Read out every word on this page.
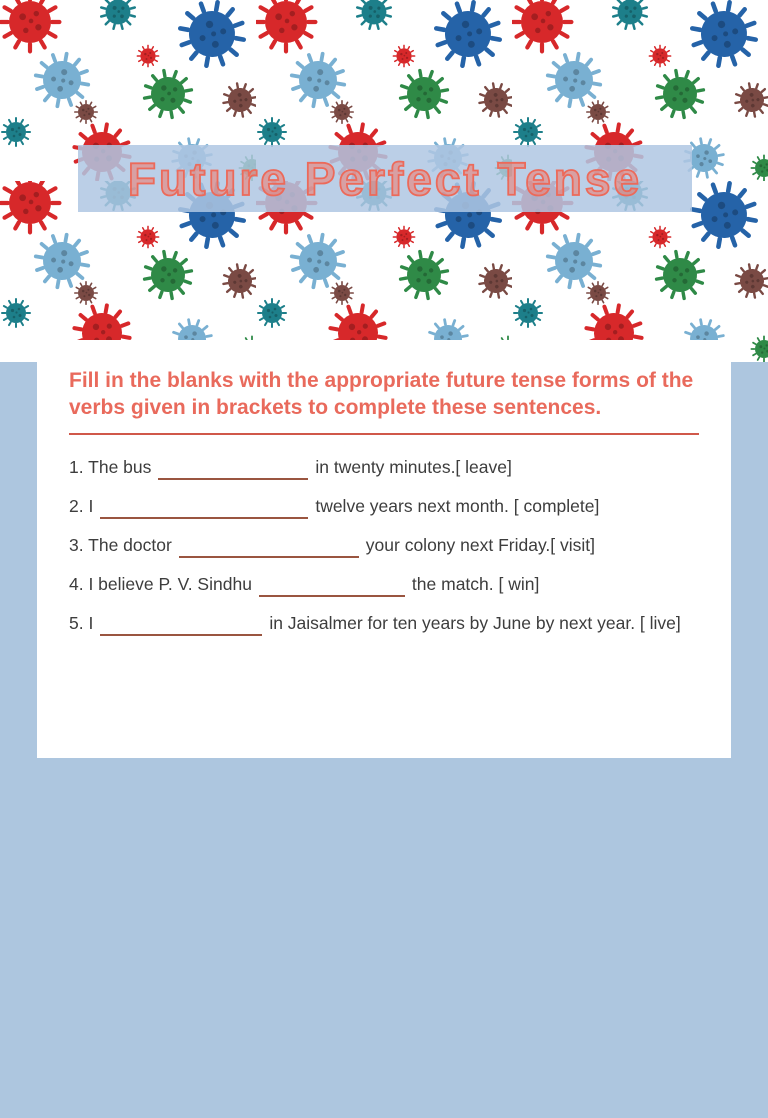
Future Perfect Tense

Fill in the blanks with the appropriate future tense forms of the verbs given in brackets to complete these sentences.

1. The bus	in twenty minutes.[ leave]
2. I	twelve years next month. [ complete]
3. The doctor	your colony next Friday.[ visit]
4. I believe P. V. Sindhu	the match. [ win]
5. I	in Jaisalmer for ten years by June by next year. [ live]
